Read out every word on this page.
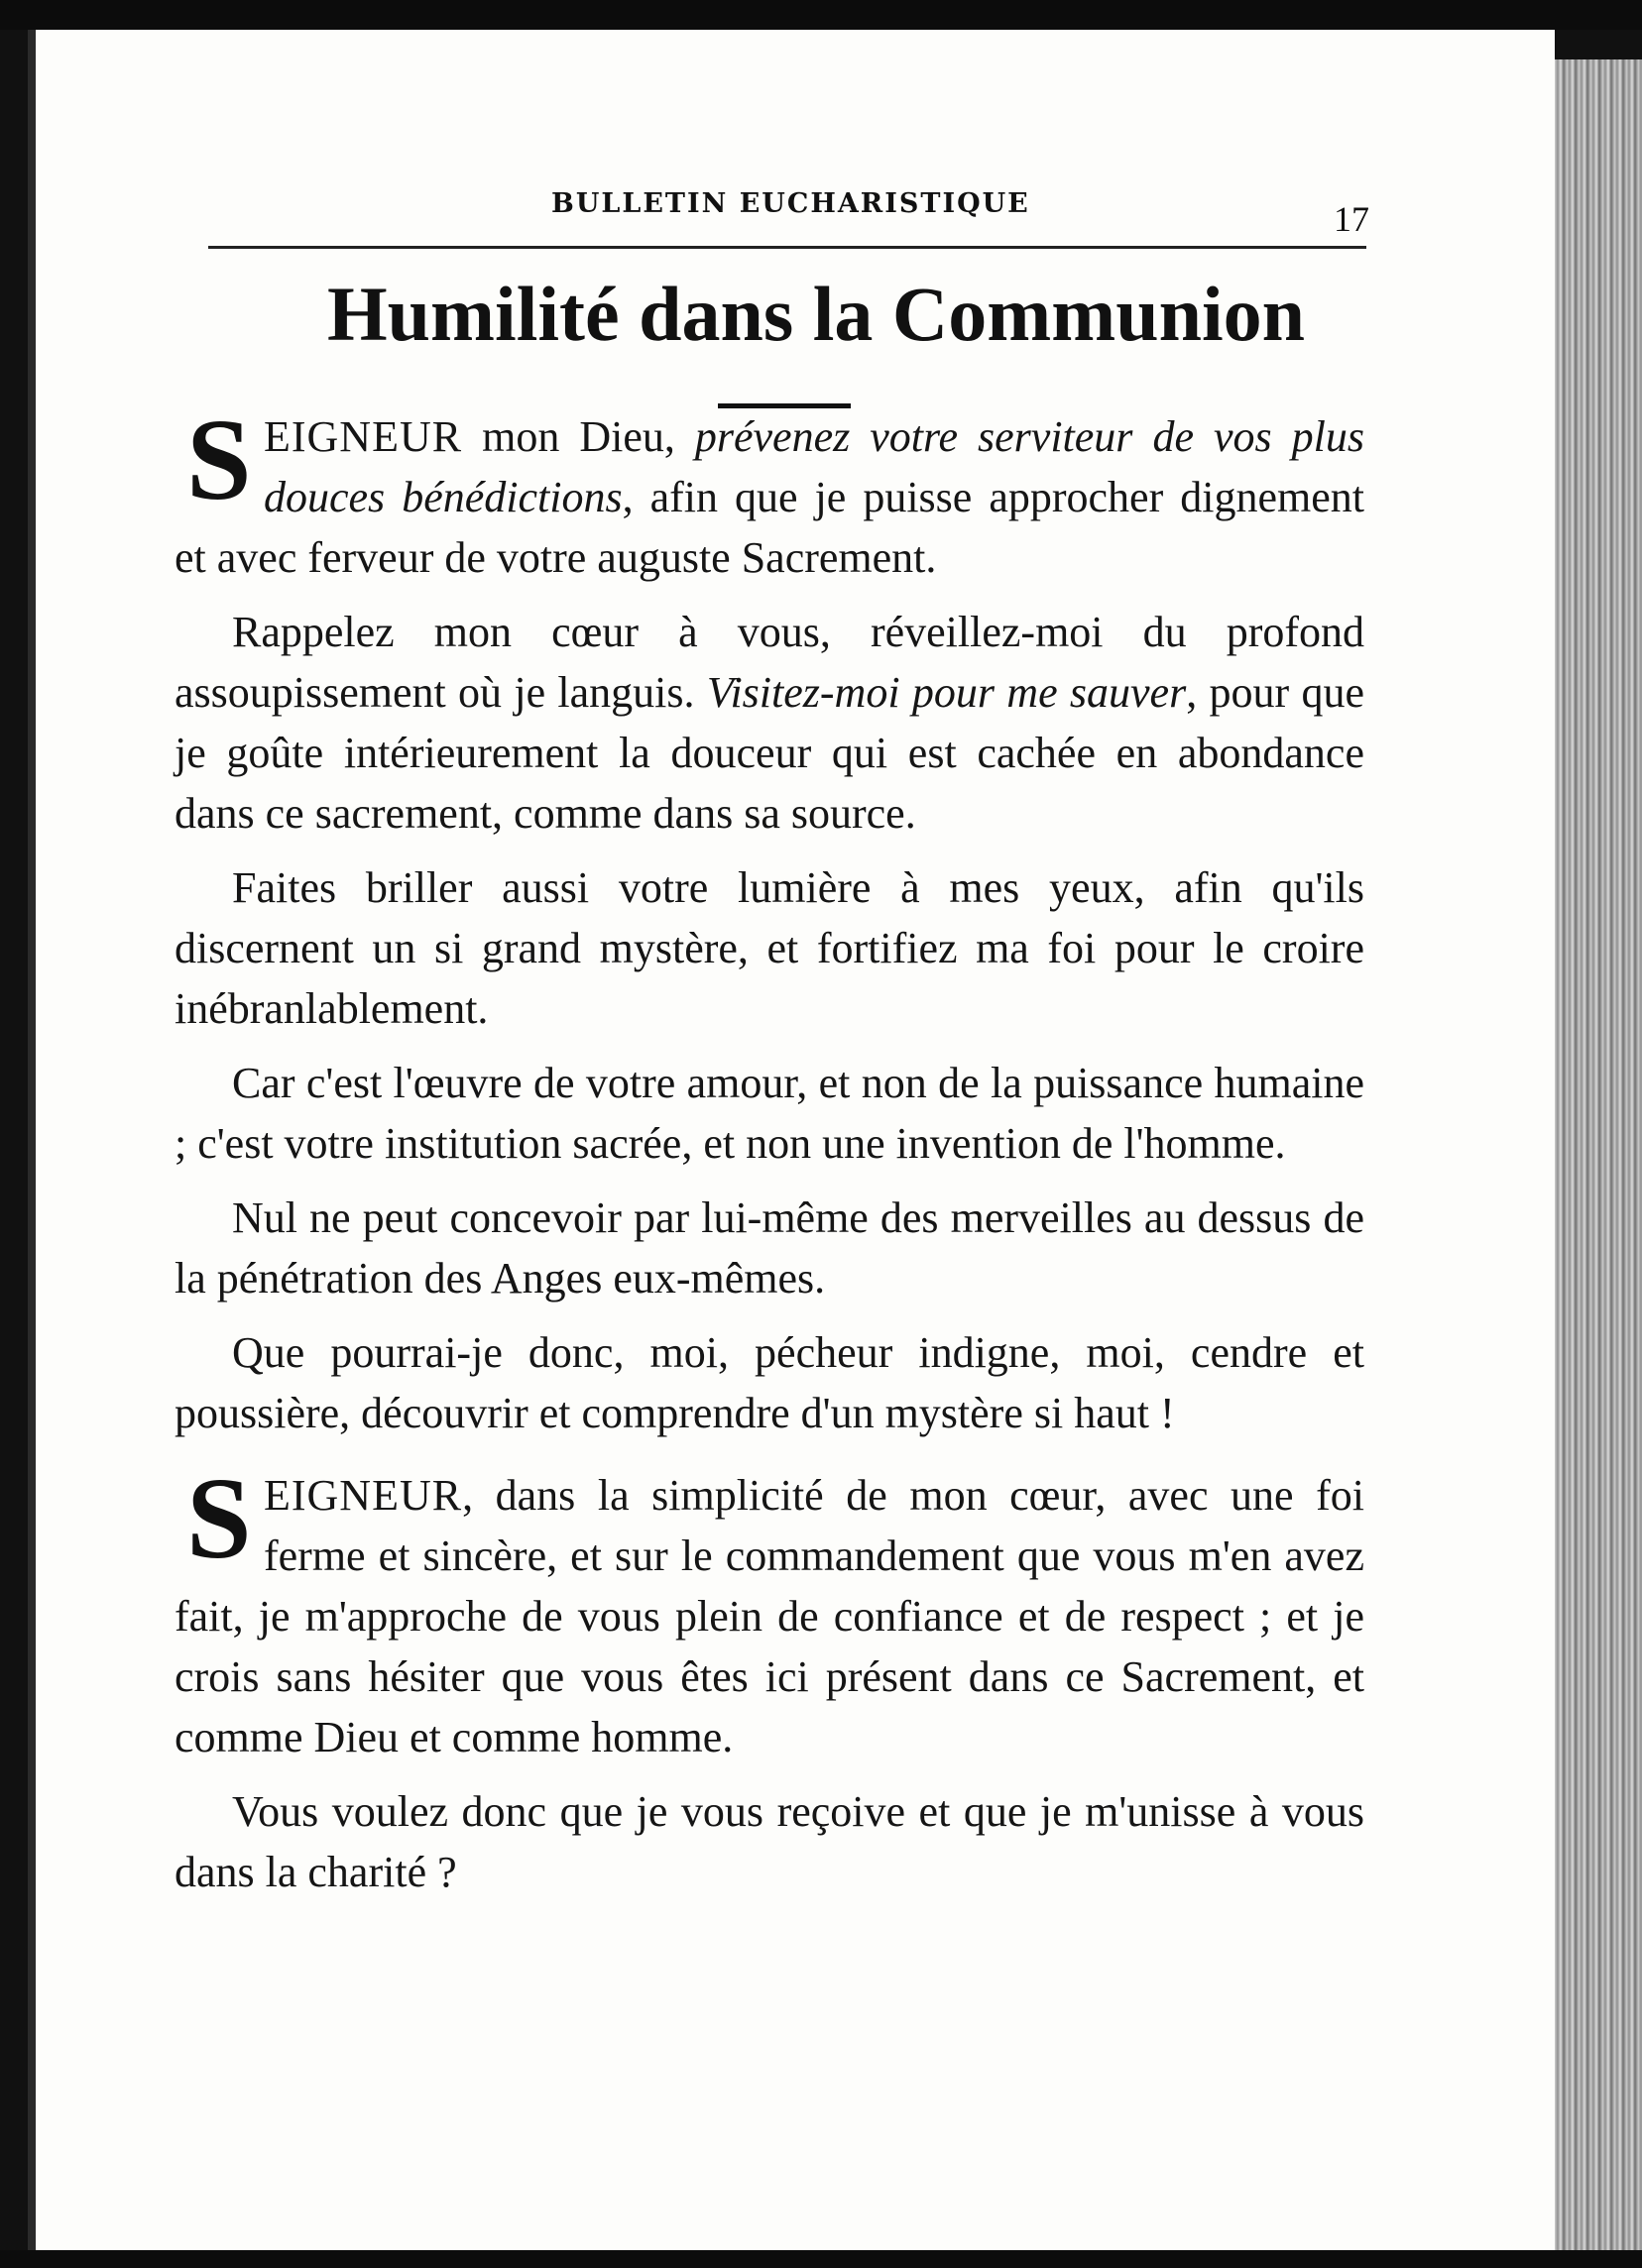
BULLETIN EUCHARISTIQUE	17
Humilité dans la Communion

SEIGNEUR mon Dieu, prévenez votre serviteur de vos plus douces bénédictions, afin que je puisse approcher dignement et avec ferveur de votre auguste Sacrement.

Rappelez mon cœur à vous, réveillez-moi du profond assoupissement où je languis. Visitez-moi pour me sauver, pour que je goûte intérieurement la douceur qui est cachée en abondance dans ce sacrement, comme dans sa source.

Faites briller aussi votre lumière à mes yeux, afin qu'ils discernent un si grand mystère, et fortifiez ma foi pour le croire inébranlablement.

Car c'est l'œuvre de votre amour, et non de la puissance humaine ; c'est votre institution sacrée, et non une invention de l'homme.

Nul ne peut concevoir par lui-même des merveilles au dessus de la pénétration des Anges eux-mêmes.

Que pourrai-je donc, moi, pécheur indigne, moi, cendre et poussière, découvrir et comprendre d'un mystère si haut !

SEIGNEUR, dans la simplicité de mon cœur, avec une foi ferme et sincère, et sur le commandement que vous m'en avez fait, je m'approche de vous plein de confiance et de respect ; et je crois sans hésiter que vous êtes ici présent dans ce Sacrement, et comme Dieu et comme homme.

Vous voulez donc que je vous reçoive et que je m'unisse à vous dans la charité ?
